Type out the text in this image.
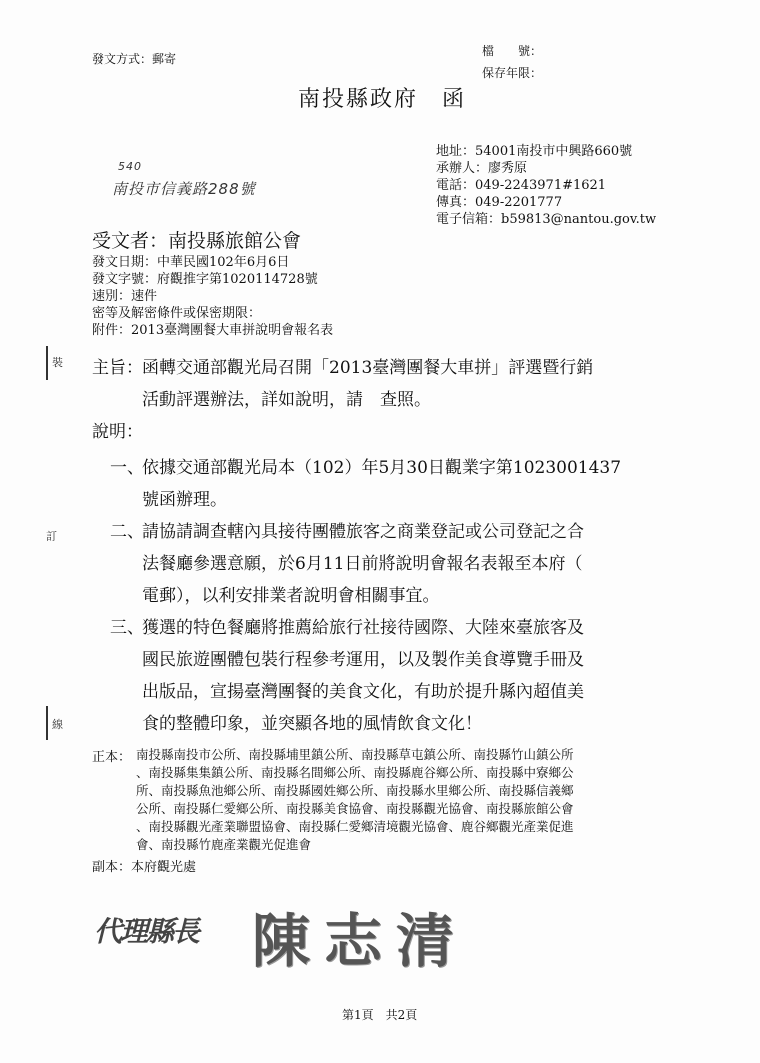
發文方式：郵寄
檔　　號：
保存年限：
南投縣政府　函
地址：54001南投市中興路660號
承辦人：廖秀原
電話：049-2243971#1621
傳真：049-2201777
電子信箱：b59813@nantou.gov.tw
540
南投市信義路288號
受文者：南投縣旅館公會
發文日期：中華民國102年6月6日
發文字號：府觀推字第1020114728號
速別：速件
密等及解密條件或保密期限：
附件：2013臺灣團餐大車拼說明會報名表
裝
訂
線
主旨： 函轉交通部觀光局召開「2013臺灣團餐大車拼」評選暨行銷
活動評選辦法，詳如說明，請　查照。
說明：
一、
依據交通部觀光局本（102）年5月30日觀業字第1023001437
號函辦理。
二、
請協請調查轄內具接待團體旅客之商業登記或公司登記之合
法餐廳參選意願，於6月11日前將說明會報名表報至本府（
電郵），以利安排業者說明會相關事宜。
三、
獲選的特色餐廳將推薦給旅行社接待國際、大陸來臺旅客及
國民旅遊團體包裝行程參考運用，以及製作美食導覽手冊及
出版品，宣揚臺灣團餐的美食文化，有助於提升縣內超值美
食的整體印象，並突顯各地的風情飲食文化！
正本： 南投縣南投市公所、南投縣埔里鎮公所、南投縣草屯鎮公所、南投縣竹山鎮公所
、南投縣集集鎮公所、南投縣名間鄉公所、南投縣鹿谷鄉公所、南投縣中寮鄉公
所、南投縣魚池鄉公所、南投縣國姓鄉公所、南投縣水里鄉公所、南投縣信義鄉
公所、南投縣仁愛鄉公所、南投縣美食協會、南投縣觀光協會、南投縣旅館公會
、南投縣觀光產業聯盟協會、南投縣仁愛鄉清境觀光協會、鹿谷鄉觀光產業促進
會、南投縣竹鹿產業觀光促進會
副本：本府觀光處
代理縣長 陳志清
第1頁　共2頁
